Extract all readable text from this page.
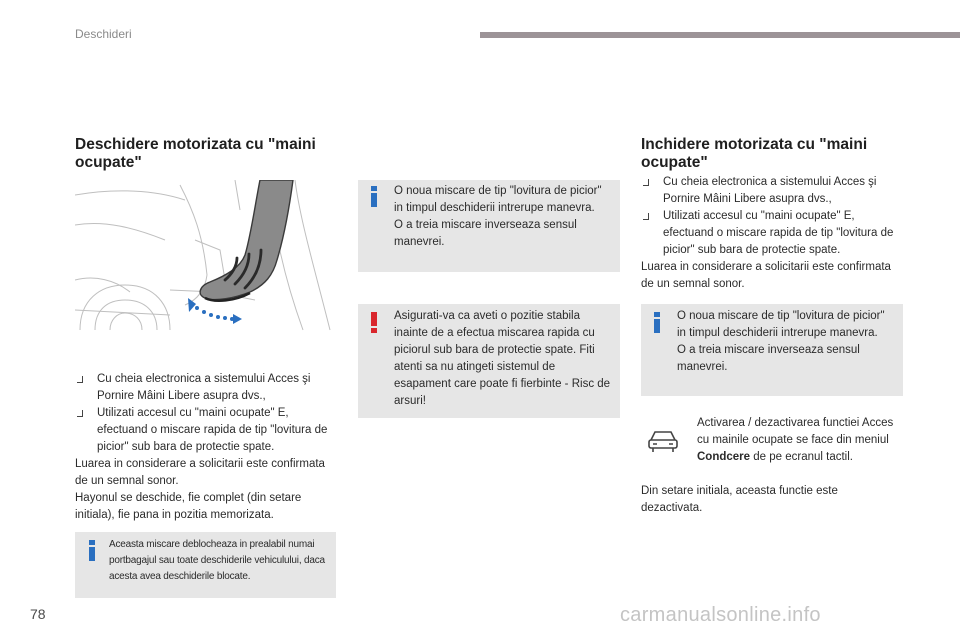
Deschideri
Deschidere motorizata cu "maini ocupate"
Cu cheia electronica a sistemului Acces şi Pornire Mâini Libere asupra dvs.,
Utilizati accesul cu "maini ocupate" E, efectuand o miscare rapida de tip "lovitura de picior" sub bara de protectie spate.

Luarea in considerare a solicitarii este confirmata de un semnal sonor.

Hayonul se deschide, fie complet (din setare initiala), fie pana in pozitia memorizata.

Aceasta miscare deblocheaza in prealabil numai portbagajul sau toate deschiderile vehiculului, daca acesta avea deschiderile blocate.

O noua miscare de tip "lovitura de picior" in timpul deschiderii intrerupe manevra.

O a treia miscare inverseaza sensul manevrei.

Asigurati-va ca aveti o pozitie stabila inainte de a efectua miscarea rapida cu piciorul sub bara de protectie spate. Fiti atenti sa nu atingeti sistemul de esapament care poate fi fierbinte - Risc de arsuri!
Inchidere motorizata cu "maini ocupate"
Cu cheia electronica a sistemului Acces şi Pornire Mâini Libere asupra dvs.,
Utilizati accesul cu "maini ocupate" E, efectuand o miscare rapida de tip "lovitura de picior" sub bara de protectie spate.

Luarea in considerare a solicitarii este confirmata de un semnal sonor.

O noua miscare de tip "lovitura de picior" in timpul deschiderii intrerupe manevra.

O a treia miscare inverseaza sensul manevrei.

Activarea / dezactivarea functiei Acces cu mainile ocupate se face din meniul Condcere de pe ecranul tactil.
Din setare initiala, aceasta functie este dezactivata.
78	carmanualsonline.info
